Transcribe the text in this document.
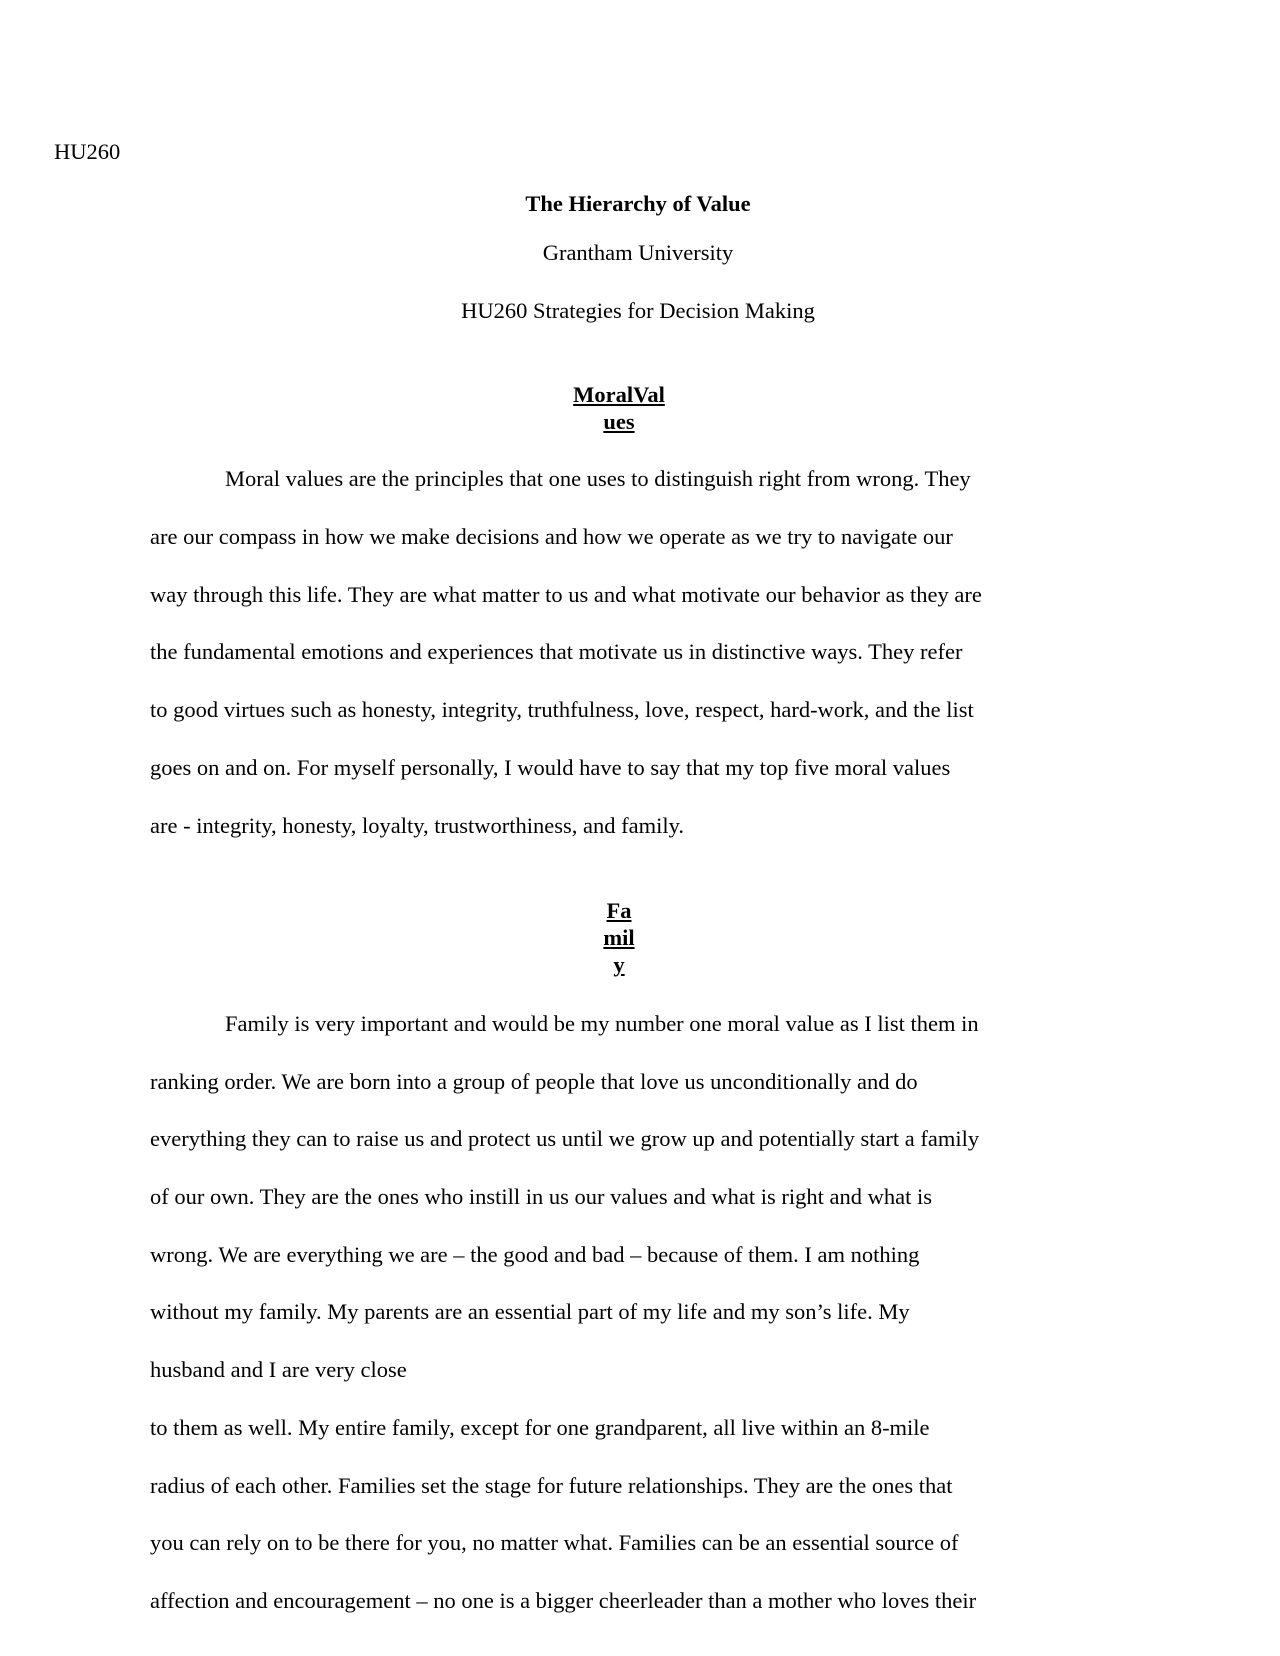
HU260
The Hierarchy of Value
Grantham University
HU260 Strategies for Decision Making
MoralVal
ues
Moral values are the principles that one uses to distinguish right from wrong. They
are our compass in how we make decisions and how we operate as we try to navigate our
way through this life. They are what matter to us and what motivate our behavior as they are
the fundamental emotions and experiences that motivate us in distinctive ways. They refer
to good virtues such as honesty, integrity, truthfulness, love, respect, hard-work, and the list
goes on and on. For myself personally, I would have to say that my top five moral values
are - integrity, honesty, loyalty, trustworthiness, and family.
Fa
mil
y
Family is very important and would be my number one moral value as I list them in
ranking order. We are born into a group of people that love us unconditionally and do
everything they can to raise us and protect us until we grow up and potentially start a family
of our own. They are the ones who instill in us our values and what is right and what is
wrong. We are everything we are – the good and bad – because of them. I am nothing
without my family. My parents are an essential part of my life and my son’s life. My
husband and I are very close
to them as well. My entire family, except for one grandparent, all live within an 8-mile
radius of each other. Families set the stage for future relationships. They are the ones that
you can rely on to be there for you, no matter what. Families can be an essential source of
affection and encouragement – no one is a bigger cheerleader than a mother who loves their
